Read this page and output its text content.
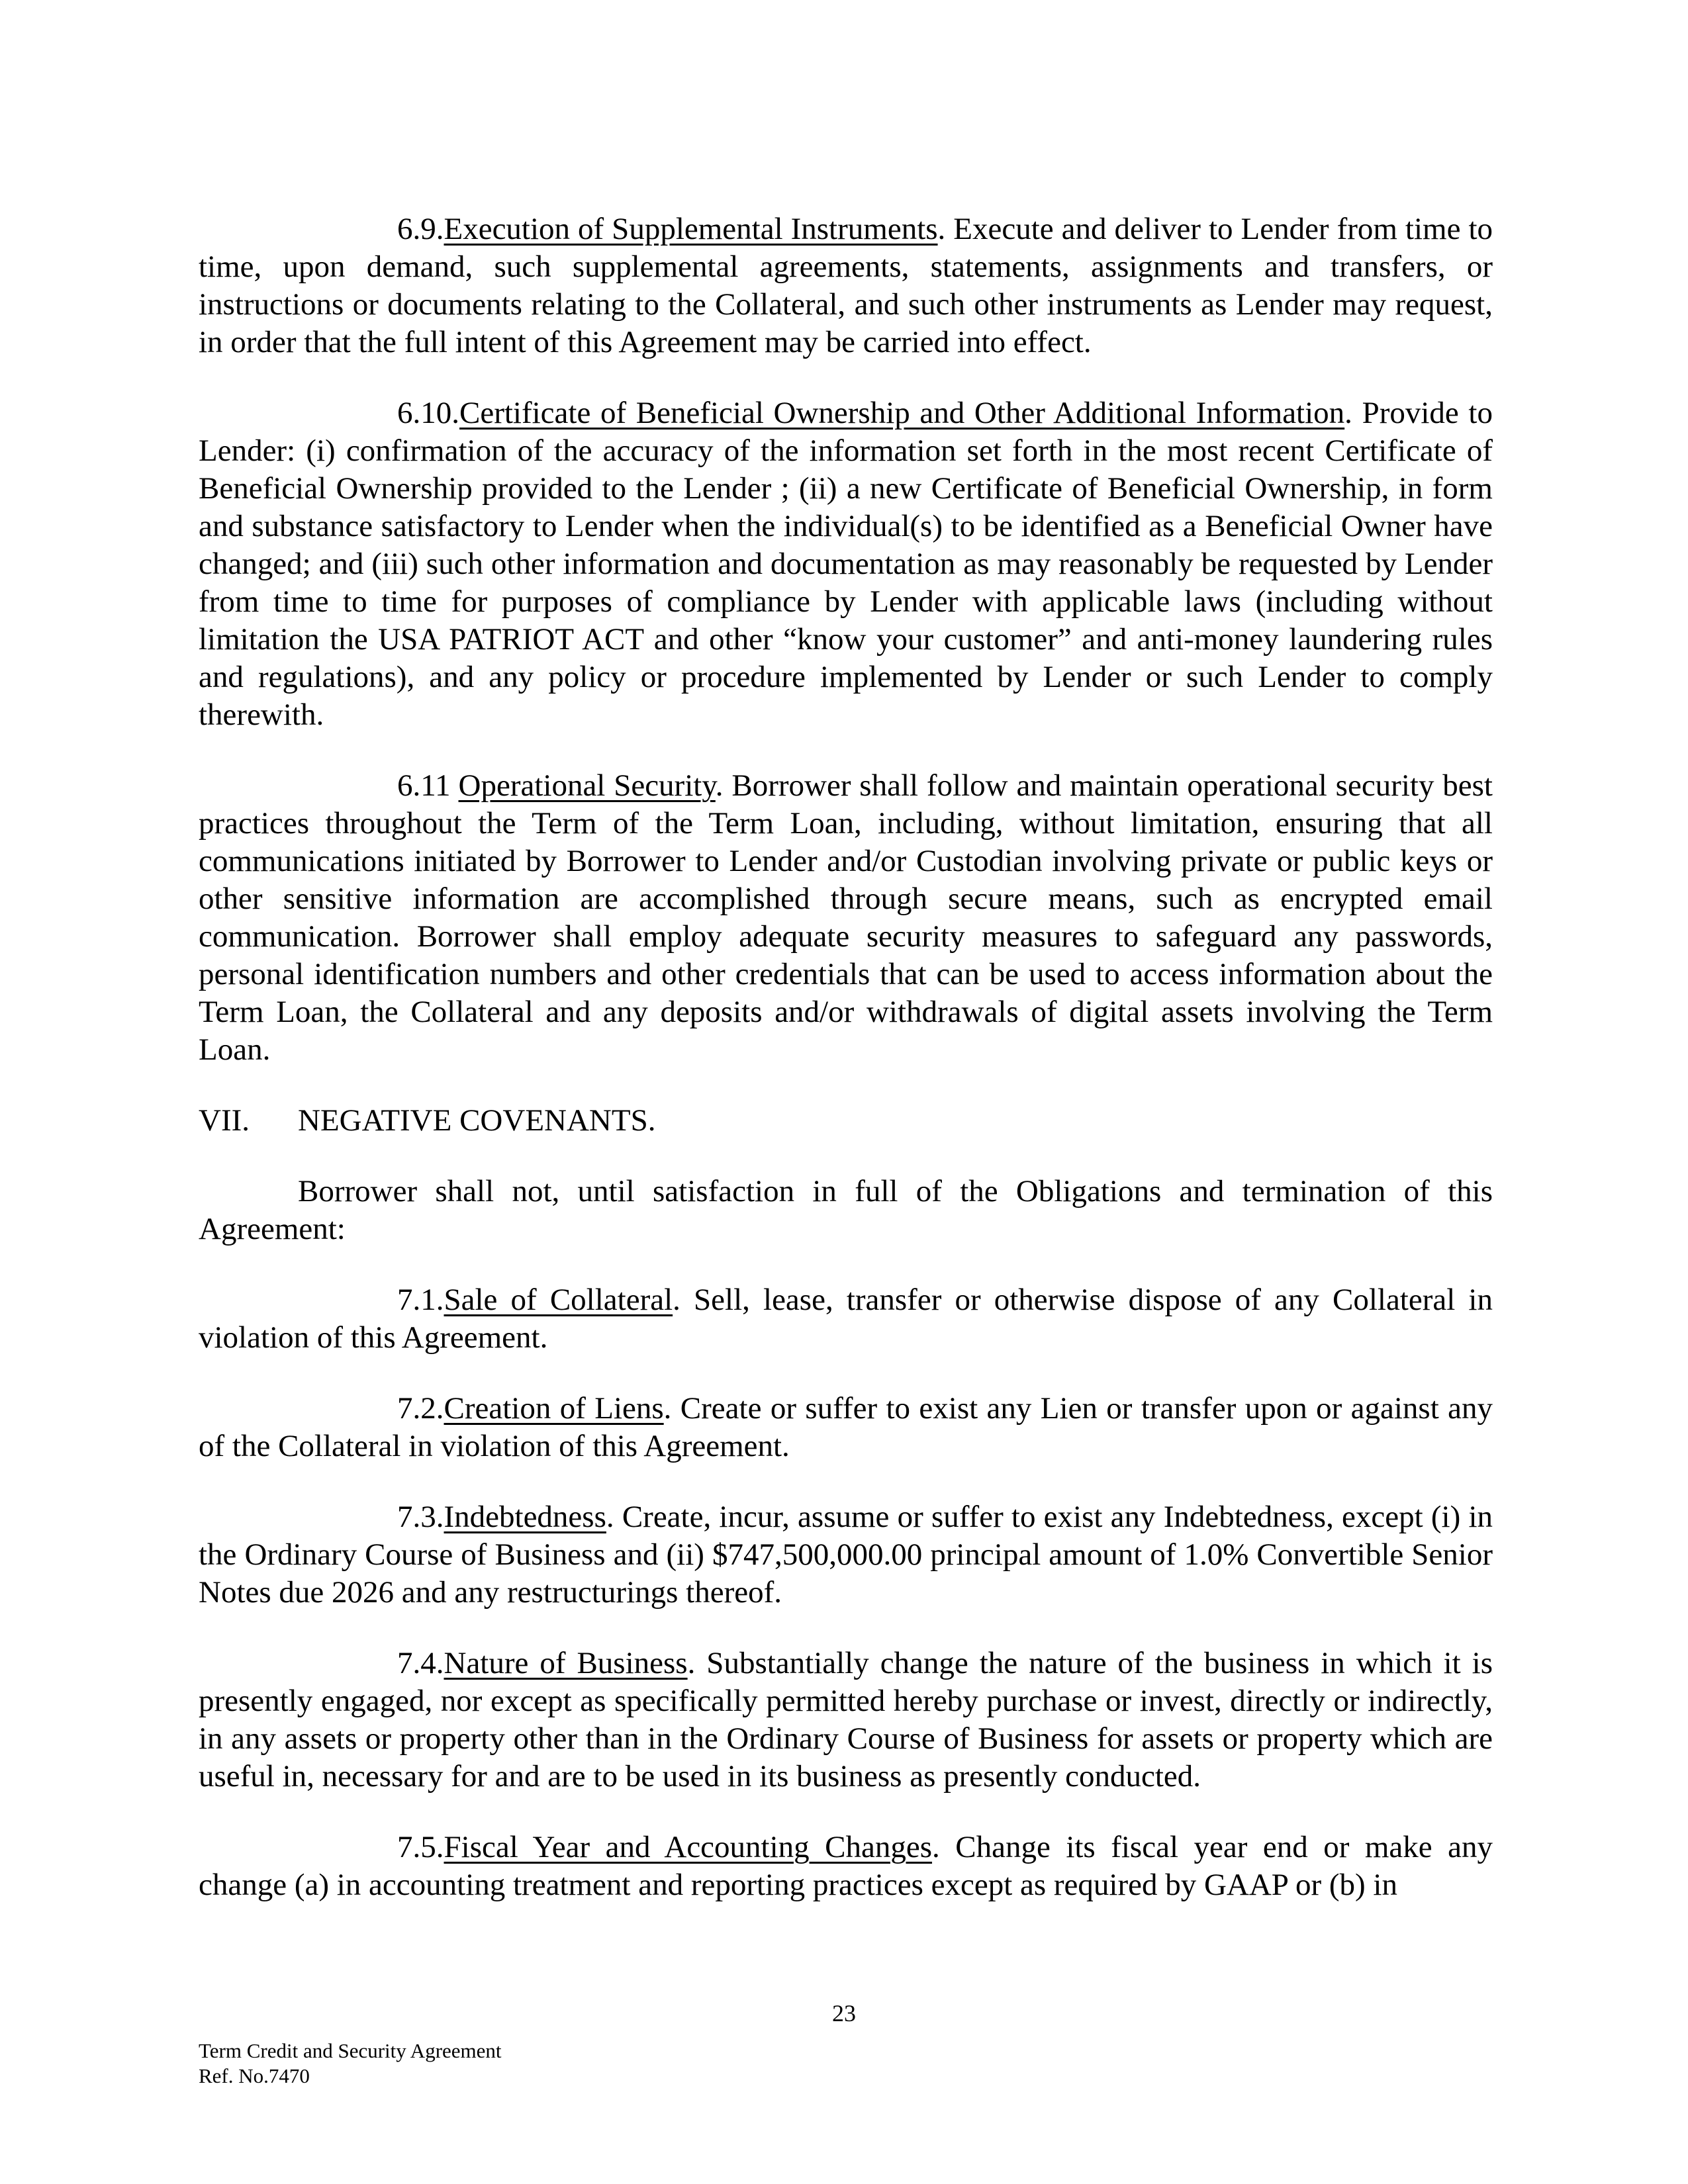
6.9.Execution of Supplemental Instruments. Execute and deliver to Lender from time to time, upon demand, such supplemental agreements, statements, assignments and transfers, or instructions or documents relating to the Collateral, and such other instruments as Lender may request, in order that the full intent of this Agreement may be carried into effect.

6.10.Certificate of Beneficial Ownership and Other Additional Information. Provide to Lender: (i) confirmation of the accuracy of the information set forth in the most recent Certificate of Beneficial Ownership provided to the Lender ; (ii) a new Certificate of Beneficial Ownership, in form and substance satisfactory to Lender when the individual(s) to be identified as a Beneficial Owner have changed; and (iii) such other information and documentation as may reasonably be requested by Lender from time to time for purposes of compliance by Lender with applicable laws (including without limitation the USA PATRIOT ACT and other “know your customer” and anti-money laundering rules and regulations), and any policy or procedure implemented by Lender or such Lender to comply therewith.

6.11 Operational Security. Borrower shall follow and maintain operational security best practices throughout the Term of the Term Loan, including, without limitation, ensuring that all communications initiated by Borrower to Lender and/or Custodian involving private or public keys or other sensitive information are accomplished through secure means, such as encrypted email communication. Borrower shall employ adequate security measures to safeguard any passwords, personal identification numbers and other credentials that can be used to access information about the Term Loan, the Collateral and any deposits and/or withdrawals of digital assets involving the Term Loan.

VII. NEGATIVE COVENANTS.

Borrower shall not, until satisfaction in full of the Obligations and termination of this Agreement:

7.1.Sale of Collateral. Sell, lease, transfer or otherwise dispose of any Collateral in violation of this Agreement.

7.2.Creation of Liens. Create or suffer to exist any Lien or transfer upon or against any of the Collateral in violation of this Agreement.

7.3.Indebtedness. Create, incur, assume or suffer to exist any Indebtedness, except (i) in the Ordinary Course of Business and (ii) $747,500,000.00 principal amount of 1.0% Convertible Senior Notes due 2026 and any restructurings thereof.

7.4.Nature of Business. Substantially change the nature of the business in which it is presently engaged, nor except as specifically permitted hereby purchase or invest, directly or indirectly, in any assets or property other than in the Ordinary Course of Business for assets or property which are useful in, necessary for and are to be used in its business as presently conducted.

7.5.Fiscal Year and Accounting Changes. Change its fiscal year end or make any change (a) in accounting treatment and reporting practices except as required by GAAP or (b) in

23
Term Credit and Security Agreement
Ref. No.7470
